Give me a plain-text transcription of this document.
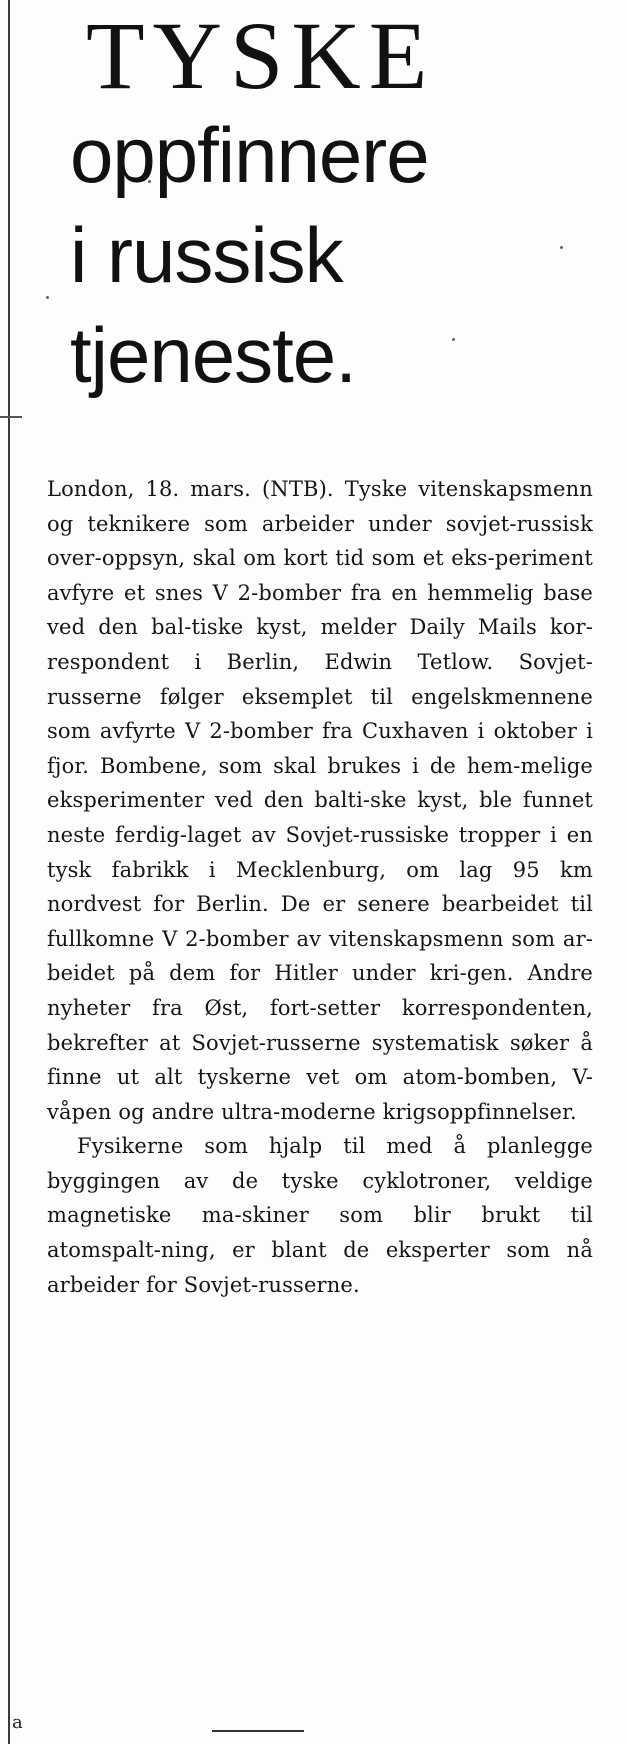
TYSKE
oppfinnere
i russisk
tjeneste.

London, 18. mars. (NTB). Tyske vitenskapsmenn og teknikere som arbeider under sovjet-russisk over-oppsyn, skal om kort tid som et eks-periment avfyre et snes V 2-bomber fra en hemmelig base ved den bal-tiske kyst, melder Daily Mails kor-respondent i Berlin, Edwin Tetlow. Sovjet-russerne følger eksemplet til engelskmennene som avfyrte V 2-bomber fra Cuxhaven i oktober i fjor. Bombene, som skal brukes i de hem-melige eksperimenter ved den balti-ske kyst, ble funnet neste ferdig-laget av Sovjet-russiske tropper i en tysk fabrikk i Mecklenburg, om lag 95 km nordvest for Berlin. De er senere bearbeidet til fullkomne V 2-bomber av vitenskapsmenn som ar-beidet på dem for Hitler under kri-gen. Andre nyheter fra Øst, fort-setter korrespondenten, bekrefter at Sovjet-russerne systematisk søker å finne ut alt tyskerne vet om atom-bomben, V-våpen og andre ultra-moderne krigsoppfinnelser.

Fysikerne som hjalp til med å planlegge byggingen av de tyske cyklotroner, veldige magnetiske ma-skiner som blir brukt til atomspalt-ning, er blant de eksperter som nå arbeider for Sovjet-russerne.

a
